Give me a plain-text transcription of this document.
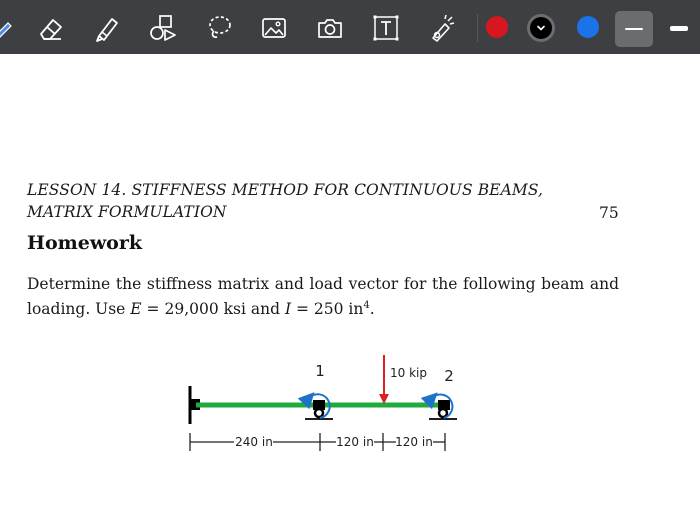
LESSON 14. STIFFNESS METHOD FOR CONTINUOUS BEAMS,
MATRIX FORMULATION	75
Homework
Determine the stiffness matrix and load vector for the following beam and
loading. Use E = 29,000 ksi and I = 250 $in^4$.
1	2
10 kip
240 in	120 in 120 in
